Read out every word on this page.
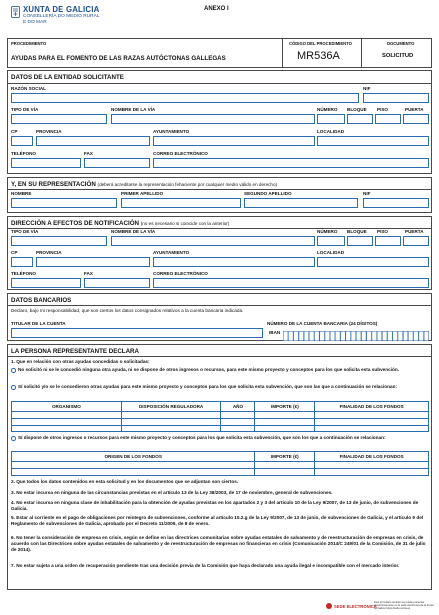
XUNTA DE GALICIA
CONSELLERÍA DO MEDIO RURAL
E DO MAR
ANEXO I
PROCEDIMIENTO
AYUDAS PARA EL FOMENTO DE LAS RAZAS AUTÓCTONAS GALLEGAS
CÓDIGO DEL PROCEDIMIENTO
MR536A
DOCUMENTO
SOLICITUD
DATOS DE LA ENTIDAD SOLICITANTE
RAZÓN SOCIAL	NIF
TIPO DE VÍA	NOMBRE DE LA VÍA	NÚMERO BLOQUE PISO	PUERTA
CP	PROVINCIA	AYUNTAMIENTO	LOCALIDAD
TELÉFONO	FAX	CORREO ELECTRÓNICO
Y, EN SU REPRESENTACIÓN (deberá acreditarse la representación fehaciente por cualquier medio válido en derecho)
NOMBRE	PRIMER APELLIDO	SEGUNDO APELLIDO	NIF
DIRECCIÓN A EFECTOS DE NOTIFICACIÓN (no es necesario si coincide con la anterior)
TIPO DE VÍA	NOMBRE DE LA VÍA	NÚMERO BLOQUE PISO	PUERTA
CP	PROVINCIA	AYUNTAMIENTO	LOCALIDAD
TELÉFONO	FAX	CORREO ELECTRÓNICO
DATOS BANCARIOS
Declaro, bajo mi responsabilidad, que son ciertos los datos consignados relativos a la cuenta bancaria indicada.
TITULAR DE LA CUENTA	NÚMERO DE LA CUENTA BANCARIA (24 DÍGITOS)
IBAN
LA PERSONA REPRESENTANTE DECLARA
1. Que en relación con otras ayudas concedidas o solicitadas:
No solicitó ni se le concedió ninguna otra ayuda, ni se dispone de otros ingresos o recursos, para este mismo proyecto y conceptos para los que solicita esta subvención.
Sí solicitó y/o se le concedieron otras ayudas para este mismo proyecto y conceptos para los que solicita esta subvención, que son las que a continuación se relacionan:
ORGANISMO	DISPOSICIÓN REGULADORA	AÑO	IMPORTE (€)	FINALIDAD DE LOS FONDOS

Sí dispone de otros ingresos o recursos para este mismo proyecto y conceptos para los que solicita esta subvención, que son los que a continuación se relacionan:
ORIGEN DE LOS FONDOS	IMPORTE (€)	FINALIDAD DE LOS FONDOS

2. Que todos los datos contenidos en esta solicitud y en los documentos que se adjuntan son ciertos.
3. No estar incursa en ninguna de las circunstancias previstas en el artículo 13 de la Ley 38/2003, de 17 de noviembre, general de subvenciones.
4. No estar incursa en ninguna clase de inhabilitación para la obtención de ayudas previstas en los apartados 2 y 3 del artículo 10 de la Ley 9/2007, de 13 de junio, de subvenciones de Galicia.
5. Estar al corriente en el pago de obligaciones por reintegro de subvenciones, conforme al artículo 10.2.g de la Ley 9/2007, de 13 de junio, de subvenciones de Galicia, y el artículo 9 del Reglamento de subvenciones de Galicia, aprobado por el Decreto 11/2009, de 8 de enero.
6. No tener la consideración de empresa en crisis, según se define en las directrices comunitarias sobre ayudas estatales de salvamento y de reestructuración de empresas en crisis, de acuerdo con las Directrices sobre ayudas estatales de salvamento y de reestructuración de empresas no financieras en crisis (Comunicación 2014/C 249/01 de la Comisión, de 31 de julio de 2014).
7. No estar sujeta a una orden de recuperación pendiente tras una decisión previa de la Comisión que haya declarado una ayuda ilegal e incompatible con el mercado interior.
SEDE ELECTRÓNICA
Este formulario también se puede presentar electrónicamente en la sede electrónica de la Xunta de Galicia https://sede.xunta.es
